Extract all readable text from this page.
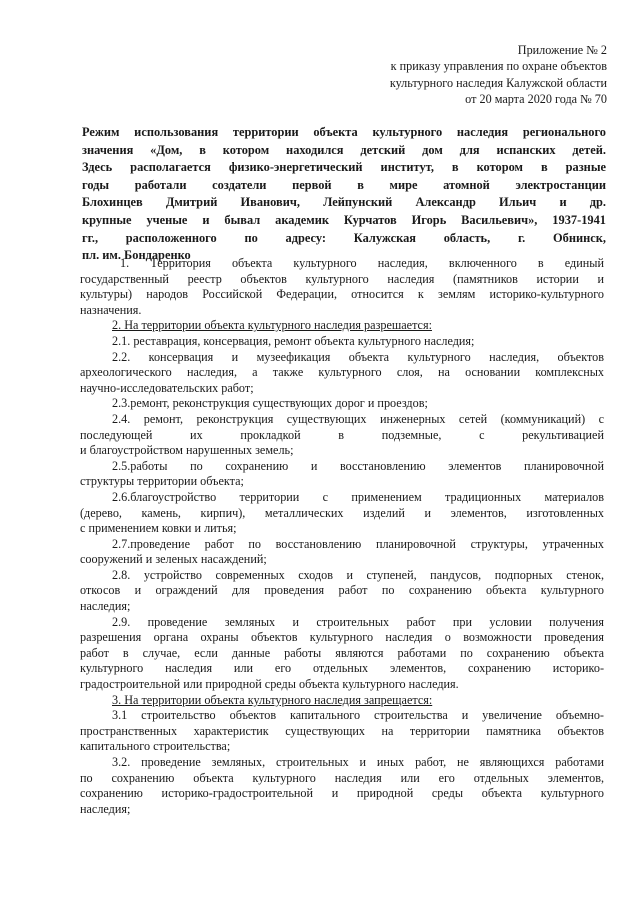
Приложение № 2
к приказу управления по охране объектов
культурного наследия Калужской области
от 20 марта 2020 года № 70
Режим использования территории объекта культурного наследия регионального
значения «Дом, в котором находился детский дом для испанских детей.
Здесь располагается физико-энергетический институт, в котором в разные
годы работали создатели первой в мире атомной электростанции
Блохинцев Дмитрий Иванович, Лейпунский Александр Ильич и др.
крупные ученые и бывал академик Курчатов Игорь Васильевич», 1937-1941
гг., расположенного по адресу: Калужская область, г. Обнинск,
пл. им. Бондаренко
1. Территория объекта культурного наследия, включенного в единый
государственный реестр объектов культурного наследия (памятников истории и
культуры) народов Российской Федерации, относится к землям историко-культурного
назначения.
2. На территории объекта культурного наследия разрешается:
2.1. реставрация, консервация, ремонт объекта культурного наследия;
2.2. консервация и музеефикация объекта культурного наследия, объектов
археологического наследия, а также культурного слоя, на основании комплексных
научно-исследовательских работ;
2.3.ремонт, реконструкция существующих дорог и проездов;
2.4. ремонт, реконструкция существующих инженерных сетей (коммуникаций) с
последующей их прокладкой в подземные, с рекультивацией
и благоустройством нарушенных земель;
2.5.работы по сохранению и восстановлению элементов планировочной
структуры территории объекта;
2.6.благоустройство территории с применением традиционных материалов
(дерево, камень, кирпич), металлических изделий и элементов, изготовленных
с применением ковки и литья;
2.7.проведение работ по восстановлению планировочной структуры, утраченных
сооружений и зеленых насаждений;
2.8. устройство современных сходов и ступеней, пандусов, подпорных стенок,
откосов и ограждений для проведения работ по сохранению объекта культурного
наследия;
2.9. проведение земляных и строительных работ при условии получения
разрешения органа охраны объектов культурного наследия о возможности проведения
работ в случае, если данные работы являются работами по сохранению объекта
культурного наследия или его отдельных элементов, сохранению историко-
градостроительной или природной среды объекта культурного наследия.
3. На территории объекта культурного наследия запрещается:
3.1 строительство объектов капитального строительства и увеличение объемно-
пространственных характеристик существующих на территории памятника объектов
капитального строительства;
3.2. проведение земляных, строительных и иных работ, не являющихся работами
по сохранению объекта культурного наследия или его отдельных элементов,
сохранению историко-градостроительной и природной среды объекта культурного
наследия;
